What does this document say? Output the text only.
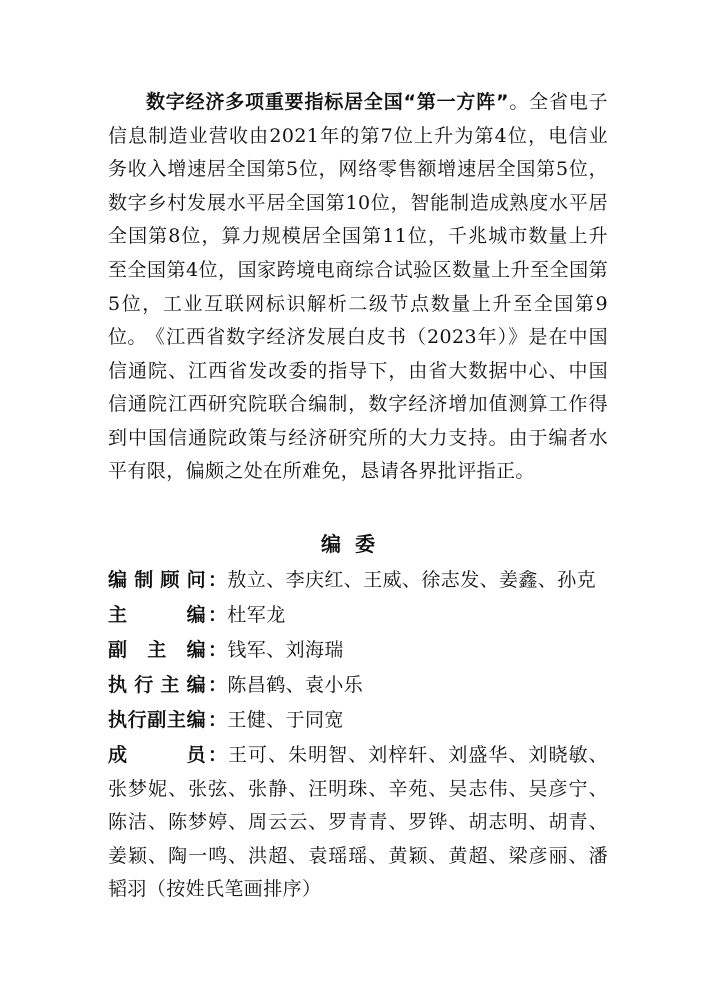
数字经济多项重要指标居全国“第一方阵”。全省电子信息制造业营收由2021年的第7位上升为第4位，电信业务收入增速居全国第5位，网络零售额增速居全国第5位，数字乡村发展水平居全国第10位，智能制造成熟度水平居全国第8位，算力规模居全国第11位，千兆城市数量上升至全国第4位，国家跨境电商综合试验区数量上升至全国第5位，工业互联网标识解析二级节点数量上升至全国第9位。 《江西省数字经济发展白皮书（2023年）》是在中国信通院、江西省发改委的指导下，由省大数据中心、中国信通院江西研究院联合编制，数字经济增加值测算工作得到中国信通院政策与经济研究所的大力支持。由于编者水平有限，偏颇之处在所难免，恳请各界批评指正。

编委
编制顾问 ：敖立、李庆红、王威、徐志发、姜鑫、孙克
主编 ：杜军龙
副主编 ：钱军、刘海瑞
执行主编 ：陈昌鹤、袁小乐
执行副主编 ：王健、于同宽
成员 ：王可、朱明智、刘梓轩、刘盛华、刘晓敏、张梦妮、张弦、张静、汪明珠、辛苑、吴志伟、吴彦宁、陈洁、陈梦婷、周云云、罗青青、罗铧、胡志明、胡青、姜颖、陶一鸣、洪超、袁瑶瑶、黄颖、黄超、梁彦丽、潘韬羽（按姓氏笔画排序）
